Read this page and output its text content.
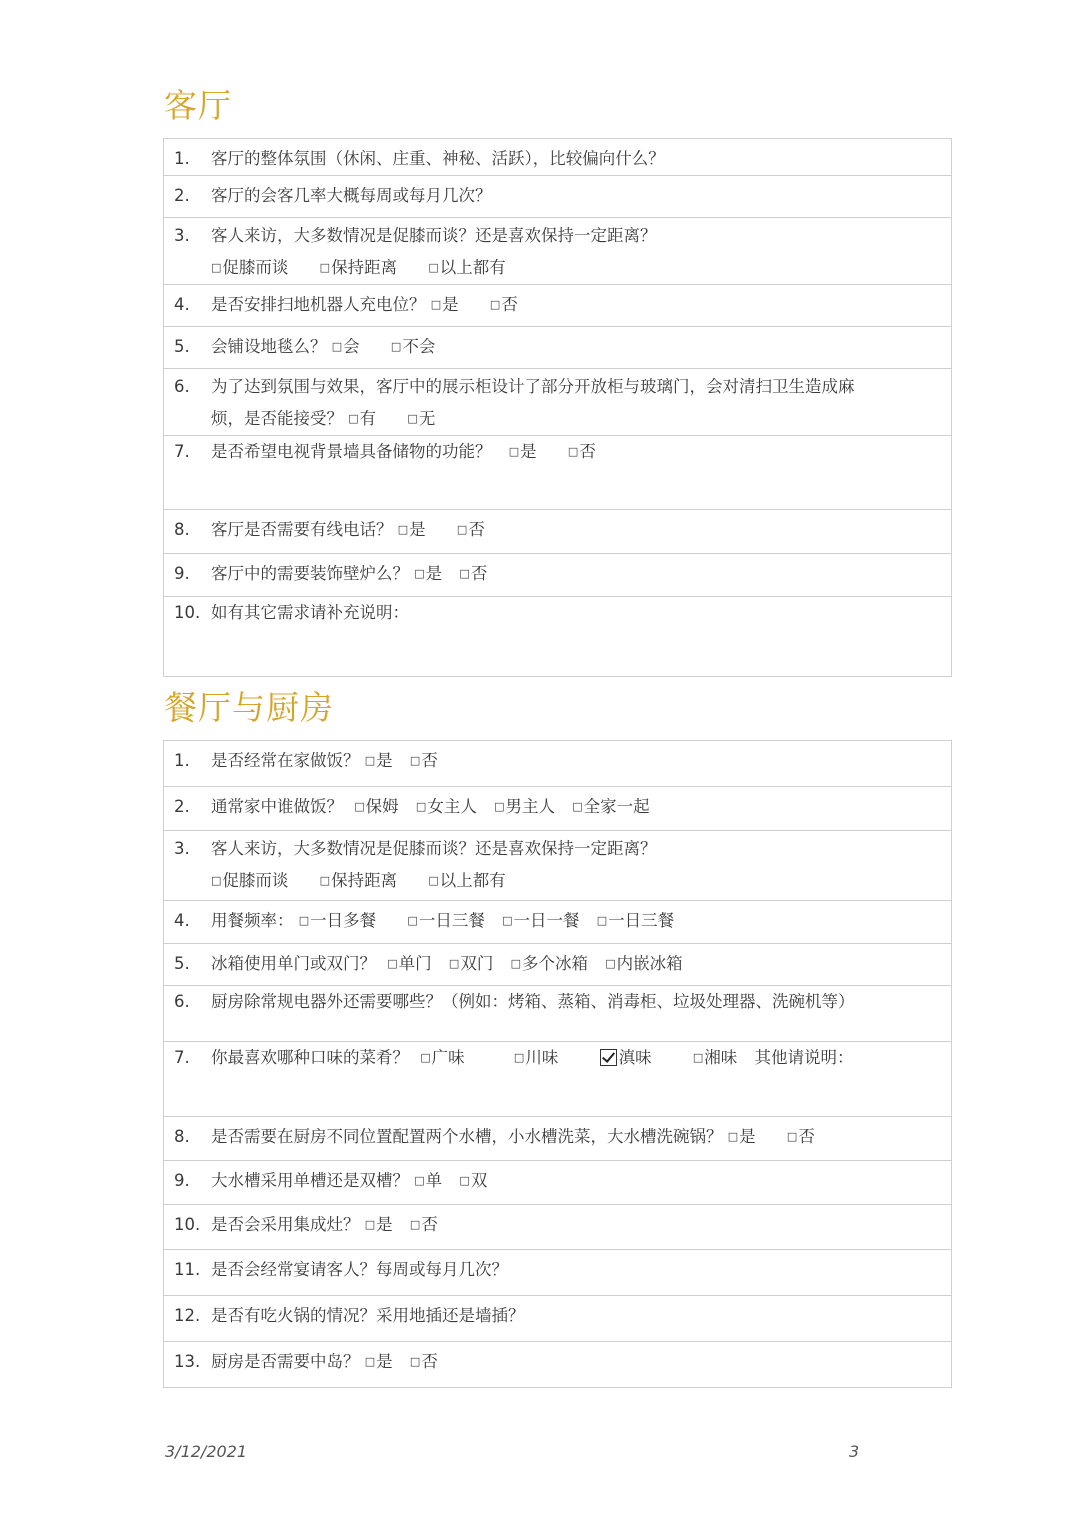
客厅
1.	客厅的整体氛围（休闲、庄重、神秘、活跃），比较偏向什么？

2.	客厅的会客几率大概每周或每月几次？

3.	客人来访，大多数情况是促膝而谈？还是喜欢保持一定距离？
□促膝而谈	□保持距离	□以上都有

4.	是否安排扫地机器人充电位？ □是	□否

5.	会铺设地毯么？ □会	□不会

6.	为了达到氛围与效果，客厅中的展示柜设计了部分开放柜与玻璃门，会对清扫卫生造成麻
烦，是否能接受？ □有	□无

7.	是否希望电视背景墙具备储物的功能？ □是	□否

8.	客厅是否需要有线电话？ □是	□否

9.	客厅中的需要装饰壁炉么？ □是 □否

10. 如有其它需求请补充说明：
餐厅与厨房
1.	是否经常在家做饭？ □是 □否

2.	通常家中谁做饭？ □保姆 □女主人 □男主人 □全家一起

3.	客人来访，大多数情况是促膝而谈？还是喜欢保持一定距离？
□促膝而谈	□保持距离	□以上都有

4.	用餐频率： □一日多餐	□一日三餐 □一日一餐 □一日三餐

5.	冰箱使用单门或双门？ □单门 □双门 □多个冰箱 □内嵌冰箱

6.	厨房除常规电器外还需要哪些？（例如：烤箱、蒸箱、消毒柜、垃圾处理器、洗碗机等）

7.	你最喜欢哪种口味的菜肴？ □广味	□川味	滇味	□湘味 其他请说明：

8.	是否需要在厨房不同位置配置两个水槽，小水槽洗菜，大水槽洗碗锅？ □是	□否

9.	大水槽采用单槽还是双槽？ □单 □双

10. 是否会采用集成灶？ □是 □否

11. 是否会经常宴请客人？每周或每月几次？

12. 是否有吃火锅的情况？采用地插还是墙插？

13. 厨房是否需要中岛？ □是 □否
3/12/2021	3
